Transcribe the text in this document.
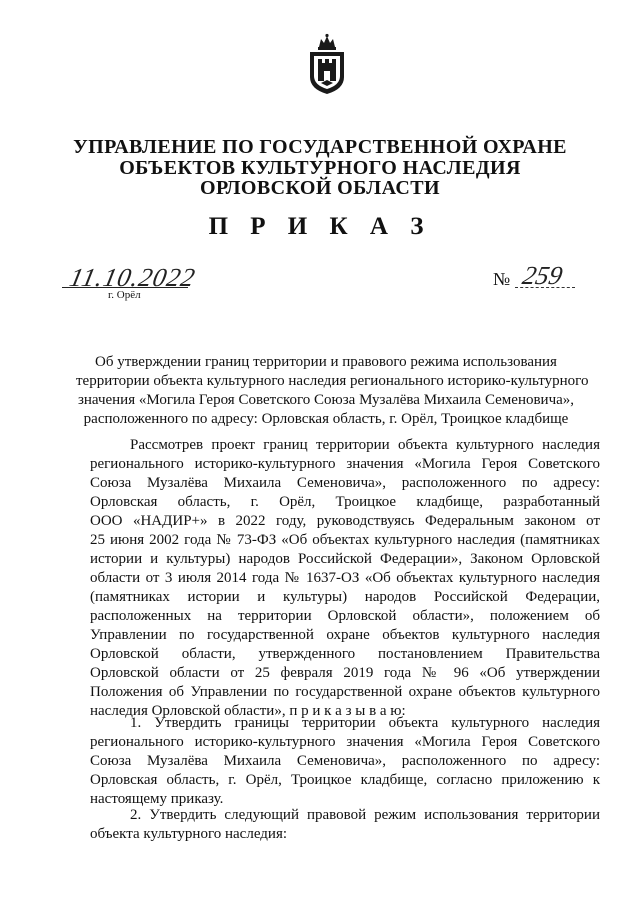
УПРАВЛЕНИЕ ПО ГОСУДАРСТВЕННОЙ ОХРАНЕ
ОБЪЕКТОВ КУЛЬТУРНОГО НАСЛЕДИЯ
ОРЛОВСКОЙ ОБЛАСТИ
П Р И К А З
11.10.2022
г. Орёл
№ 259
Об утверждении границ территории и правового режима использования
территории объекта культурного наследия регионального историко-культурного
значения «Могила Героя Советского Союза Музалёва Михаила Семеновича»,
расположенного по адресу: Орловская область, г. Орёл, Троицкое кладбище
Рассмотрев проект границ территории объекта культурного наследия
регионального историко-культурного значения «Могила Героя Советского
Союза Музалёва Михаила Семеновича», расположенного по адресу:
Орловская область, г. Орёл, Троицкое кладбище, разработанный
ООО «НАДИР+» в 2022 году, руководствуясь Федеральным законом от
25 июня 2002 года № 73-ФЗ «Об объектах культурного наследия (памятниках
истории и культуры) народов Российской Федерации», Законом Орловской
области от 3 июля 2014 года № 1637-ОЗ «Об объектах культурного наследия
(памятниках истории и культуры) народов Российской Федерации,
расположенных на территории Орловской области», положением об
Управлении по государственной охране объектов культурного наследия
Орловской области, утвержденного постановлением Правительства
Орловской области от 25 февраля 2019 года № 96 «Об утверждении
Положения об Управлении по государственной охране объектов культурного
наследия Орловской области», п р и к а з ы в а ю:
1. Утвердить границы территории объекта культурного наследия
регионального историко-культурного значения «Могила Героя Советского
Союза Музалёва Михаила Семеновича», расположенного по адресу:
Орловская область, г. Орёл, Троицкое кладбище, согласно приложению к
настоящему приказу.
2. Утвердить следующий правовой режим использования территории
объекта культурного наследия:
